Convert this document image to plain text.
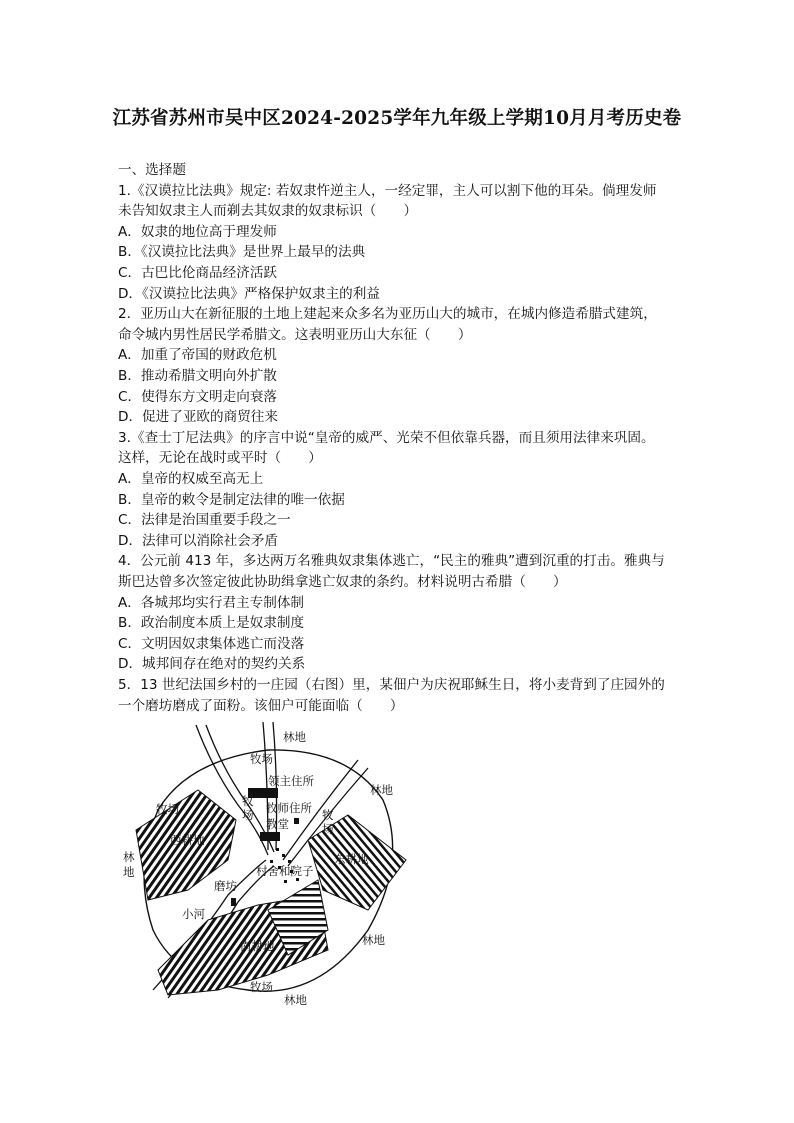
江苏省苏州市吴中区2024-2025学年九年级上学期10月月考历史卷
一、选择题
1.《汉谟拉比法典》规定: 若奴隶忤逆主人，一经定罪，主人可以割下他的耳朵。倘理发师
未告知奴隶主人而剃去其奴隶的奴隶标识（　　）
A．奴隶的地位高于理发师
B．《汉谟拉比法典》是世界上最早的法典
C．古巴比伦商品经济活跃
D．《汉谟拉比法典》严格保护奴隶主的利益
2．亚历山大在新征服的土地上建起来众多名为亚历山大的城市，在城内修造希腊式建筑，
命令城内男性居民学希腊文。这表明亚历山大东征（　　）
A．加重了帝国的财政危机
B．推动希腊文明向外扩散
C．使得东方文明走向衰落
D．促进了亚欧的商贸往来
3.《查士丁尼法典》的序言中说“皇帝的威严、光荣不但依靠兵器，而且须用法律来巩固。
这样，无论在战时或平时（　　）
A．皇帝的权威至高无上
B．皇帝的敕令是制定法律的唯一依据
C．法律是治国重要手段之一
D．法律可以消除社会矛盾
4．公元前 413 年，多达两万名雅典奴隶集体逃亡，“民主的雅典”遭到沉重的打击。雅典与
斯巴达曾多次签定彼此协助缉拿逃亡奴隶的条约。材料说明古希腊（　　）
A．各城邦均实行君主专制体制
B．政治制度本质上是奴隶制度
C．文明因奴隶集体逃亡而没落
D．城邦间存在绝对的契约关系
5．13 世纪法国乡村的一庄园（右图）里，某佃户为庆祝耶稣生日，将小麦背到了庄园外的
一个磨坊磨成了面粉。该佃户可能面临（　　）
林地
牧场
林地
领主住所
牧场
牧
场 牧师住所
教堂
牧
场
西耕地
林
地
东耕地
村舍和院子
磨坊
小河
林地
南耕地
牧场
林地
